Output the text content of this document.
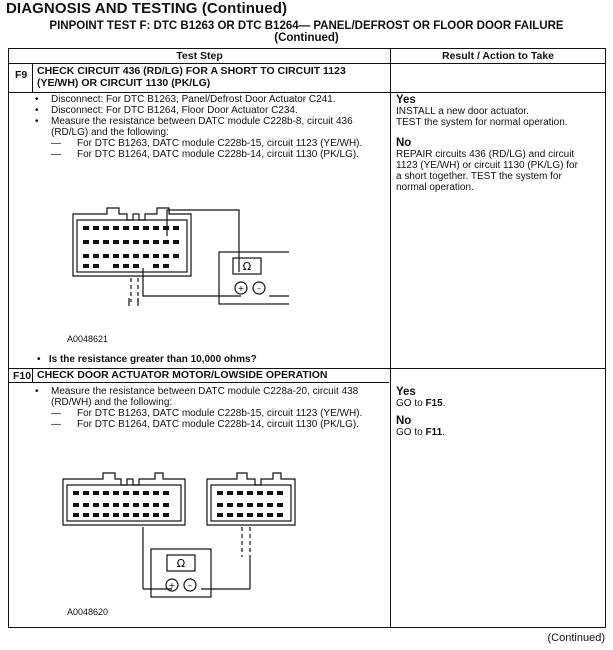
DIAGNOSIS AND TESTING (Continued)
PINPOINT TEST F: DTC B1263 OR DTC B1264— PANEL/DEFROST OR FLOOR DOOR FAILURE
(Continued)
Test Step	Result / Action to Take
F9 CHECK CIRCUIT 436 (RD/LG) FOR A SHORT TO CIRCUIT 1123
(YE/WH) OR CIRCUIT 1130 (PK/LG)
• Disconnect: For DTC B1263, Panel/Defrost Door Actuator C241.
• Disconnect: For DTC B1264, Floor Door Actuator C234.
• Measure the resistance between DATC module C228b-8, circuit 436 (RD/LG) and the following:
— For DTC B1263, DATC module C228b-15, circuit 1123 (YE/WH).
— For DTC B1264, DATC module C228b-14, circuit 1130 (PK/LG).
Ω
+ –
A0048621
• Is the resistance greater than 10,000 ohms?
Yes
INSTALL a new door actuator.
TEST the system for normal operation.
No
REPAIR circuits 436 (RD/LG) and circuit
1123 (YE/WH) or circuit 1130 (PK/LG) for
a short together. TEST the system for
normal operation.
F10 CHECK DOOR ACTUATOR MOTOR/LOWSIDE OPERATION
• Measure the resistance between DATC module C228a-20, circuit 438 (RD/WH) and the following:
— For DTC B1263, DATC module C228b-15, circuit 1123 (YE/WH).
— For DTC B1264, DATC module C228b-14, circuit 1130 (PK/LG).
Ω
+ –
A0048620
Yes
GO to F15.
No
GO to F11.
(Continued)
